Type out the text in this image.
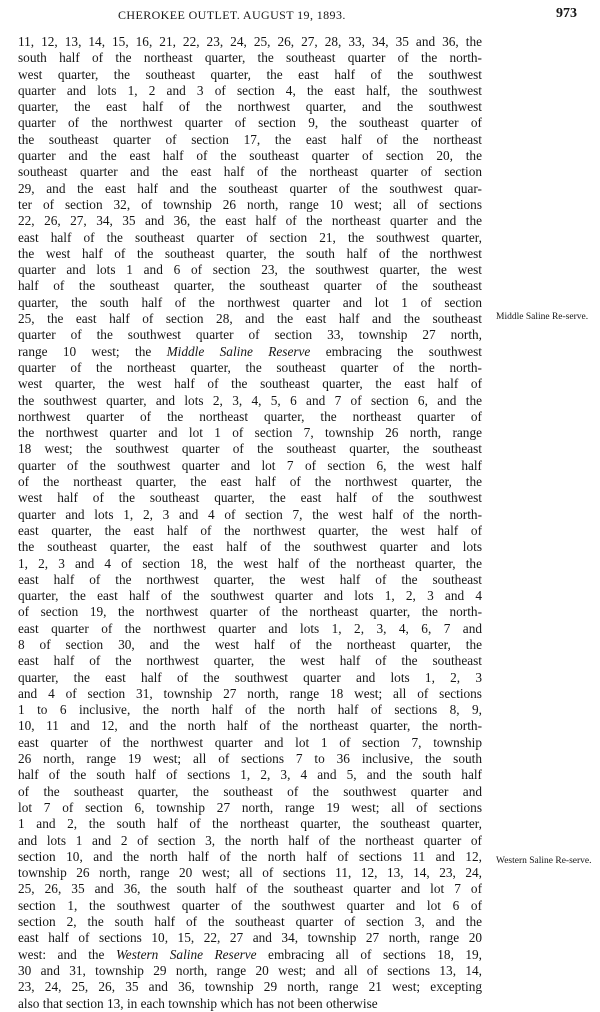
CHEROKEE OUTLET. AUGUST 19, 1893.	973
11, 12, 13, 14, 15, 16, 21, 22, 23, 24, 25, 26, 27, 28, 33, 34, 35 and 36, the
south half of the northeast quarter, the southeast quarter of the north-
west quarter, the southeast quarter, the east half of the southwest
quarter and lots 1, 2 and 3 of section 4, the east half, the southwest
quarter, the east half of the northwest quarter, and the southwest
quarter of the northwest quarter of section 9, the southeast quarter of
the southeast quarter of section 17, the east half of the northeast
quarter and the east half of the southeast quarter of section 20, the
southeast quarter and the east half of the northeast quarter of section
29, and the east half and the southeast quarter of the southwest quar-
ter of section 32, of township 26 north, range 10 west; all of sections
22, 26, 27, 34, 35 and 36, the east half of the northeast quarter and the
east half of the southeast quarter of section 21, the southwest quarter,
the west half of the southeast quarter, the south half of the northwest
quarter and lots 1 and 6 of section 23, the southwest quarter, the west
half of the southeast quarter, the southeast quarter of the southeast
quarter, the south half of the northwest quarter and lot 1 of section
25, the east half of section 28, and the east half and the southeast
quarter of the southwest quarter of section 33, township 27 north,
range 10 west; the Middle Saline Reserve embracing the southwest
quarter of the northeast quarter, the southeast quarter of the north-
west quarter, the west half of the southeast quarter, the east half of
the southwest quarter, and lots 2, 3, 4, 5, 6 and 7 of section 6, and the
northwest quarter of the northeast quarter, the northeast quarter of
the northwest quarter and lot 1 of section 7, township 26 north, range
18 west; the southwest quarter of the southeast quarter, the southeast
quarter of the southwest quarter and lot 7 of section 6, the west half
of the northeast quarter, the east half of the northwest quarter, the
west half of the southeast quarter, the east half of the southwest
quarter and lots 1, 2, 3 and 4 of section 7, the west half of the north-
east quarter, the east half of the northwest quarter, the west half of
the southeast quarter, the east half of the southwest quarter and lots
1, 2, 3 and 4 of section 18, the west half of the northeast quarter, the
east half of the northwest quarter, the west half of the southeast
quarter, the east half of the southwest quarter and lots 1, 2, 3 and 4
of section 19, the northwest quarter of the northeast quarter, the north-
east quarter of the northwest quarter and lots 1, 2, 3, 4, 6, 7 and
8 of section 30, and the west half of the northeast quarter, the
east half of the northwest quarter, the west half of the southeast
quarter, the east half of the southwest quarter and lots 1, 2, 3
and 4 of section 31, township 27 north, range 18 west; all of sections
1 to 6 inclusive, the north half of the north half of sections 8, 9,
10, 11 and 12, and the north half of the northeast quarter, the north-
east quarter of the northwest quarter and lot 1 of section 7, township
26 north, range 19 west; all of sections 7 to 36 inclusive, the south
half of the south half of sections 1, 2, 3, 4 and 5, and the south half
of the southeast quarter, the southeast of the southwest quarter and
lot 7 of section 6, township 27 north, range 19 west; all of sections
1 and 2, the south half of the northeast quarter, the southeast quarter,
and lots 1 and 2 of section 3, the north half of the northeast quarter of
section 10, and the north half of the north half of sections 11 and 12,
township 26 north, range 20 west; all of sections 11, 12, 13, 14, 23, 24,
25, 26, 35 and 36, the south half of the southeast quarter and lot 7 of
section 1, the southwest quarter of the southwest quarter and lot 6 of
section 2, the south half of the southeast quarter of section 3, and the
east half of sections 10, 15, 22, 27 and 34, township 27 north, range 20
west: and the Western Saline Reserve embracing all of sections 18, 19,
30 and 31, township 29 north, range 20 west; and all of sections 13, 14,
23, 24, 25, 26, 35 and 36, township 29 north, range 21 west; excepting
also that section 13, in each township which has not been otherwise
Middle Saline Re-serve.
Western Saline Re-serve.
